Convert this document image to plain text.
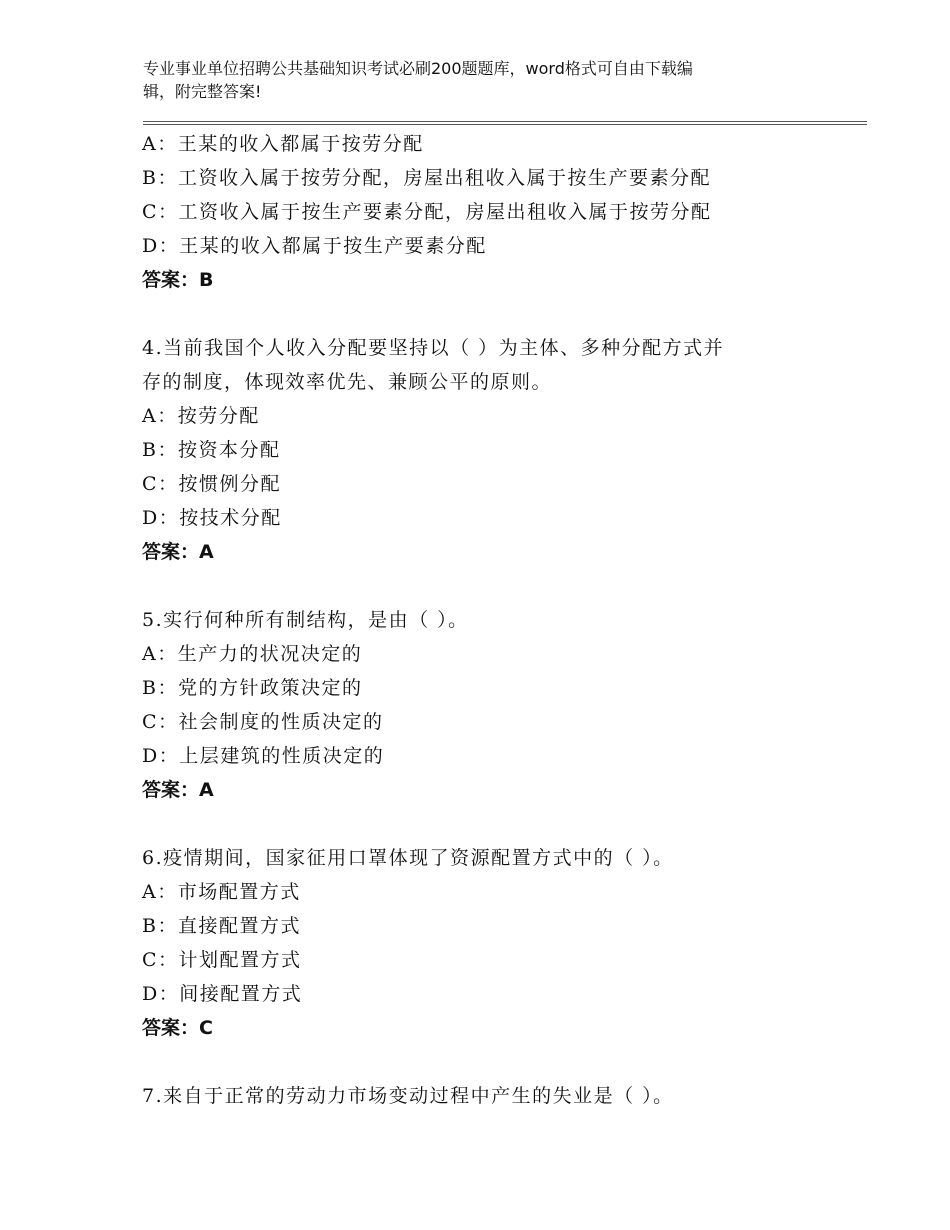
专业事业单位招聘公共基础知识考试必刷200题题库，word格式可自由下载编
辑，附完整答案!
A：王某的收入都属于按劳分配
B：工资收入属于按劳分配，房屋出租收入属于按生产要素分配
C：工资收入属于按生产要素分配，房屋出租收入属于按劳分配
D：王某的收入都属于按生产要素分配
答案：B
4.当前我国个人收入分配要坚持以（ ）为主体、多种分配方式并
存的制度，体现效率优先、兼顾公平的原则。
A：按劳分配
B：按资本分配
C：按惯例分配
D：按技术分配
答案：A
5.实行何种所有制结构，是由（ ）。
A：生产力的状况决定的
B：党的方针政策决定的
C：社会制度的性质决定的
D：上层建筑的性质决定的
答案：A
6.疫情期间，国家征用口罩体现了资源配置方式中的（ ）。
A：市场配置方式
B：直接配置方式
C：计划配置方式
D：间接配置方式
答案：C
7.来自于正常的劳动力市场变动过程中产生的失业是（ ）。
